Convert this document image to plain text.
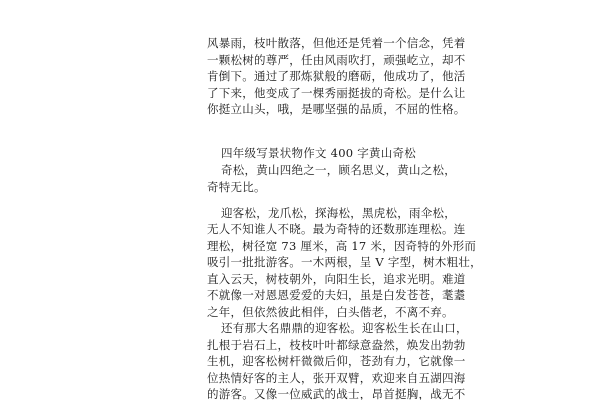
风暴雨，枝叶散落，但他还是凭着一个信念，凭着
一颗松树的尊严，任由风雨吹打，顽强屹立，却不
肯倒下。通过了那炼狱般的磨砺，他成功了，他活
了下来，他变成了一棵秀丽挺拔的奇松。是什么让
你挺立山头，哦，是哪坚强的品质，不屈的性格。
四年级写景状物作文 400 字黄山奇松
奇松，黄山四绝之一，顾名思义，黄山之松，
奇特无比。
迎客松，龙爪松，探海松，黑虎松，雨伞松，
无人不知谁人不晓。最为奇特的还数那连理松。连
理松，树径宽 73 厘米，高 17 米，因奇特的外形而
吸引一批批游客。一木两根，呈 V 字型，树木粗壮，
直入云天，树枝朝外，向阳生长，追求光明。难道
不就像一对恩恩爱爱的夫妇，虽是白发苍苍，耄耋
之年，但依然彼此相伴，白头偕老，不离不弃。
还有那大名鼎鼎的迎客松。迎客松生长在山口，
扎根于岩石上，枝枝叶叶都绿意盎然，焕发出勃勃
生机，迎客松树杆微微后仰，苍劲有力，它就像一
位热情好客的主人，张开双臂，欢迎来自五湖四海
的游客。又像一位威武的战士，昂首挺胸，战无不
